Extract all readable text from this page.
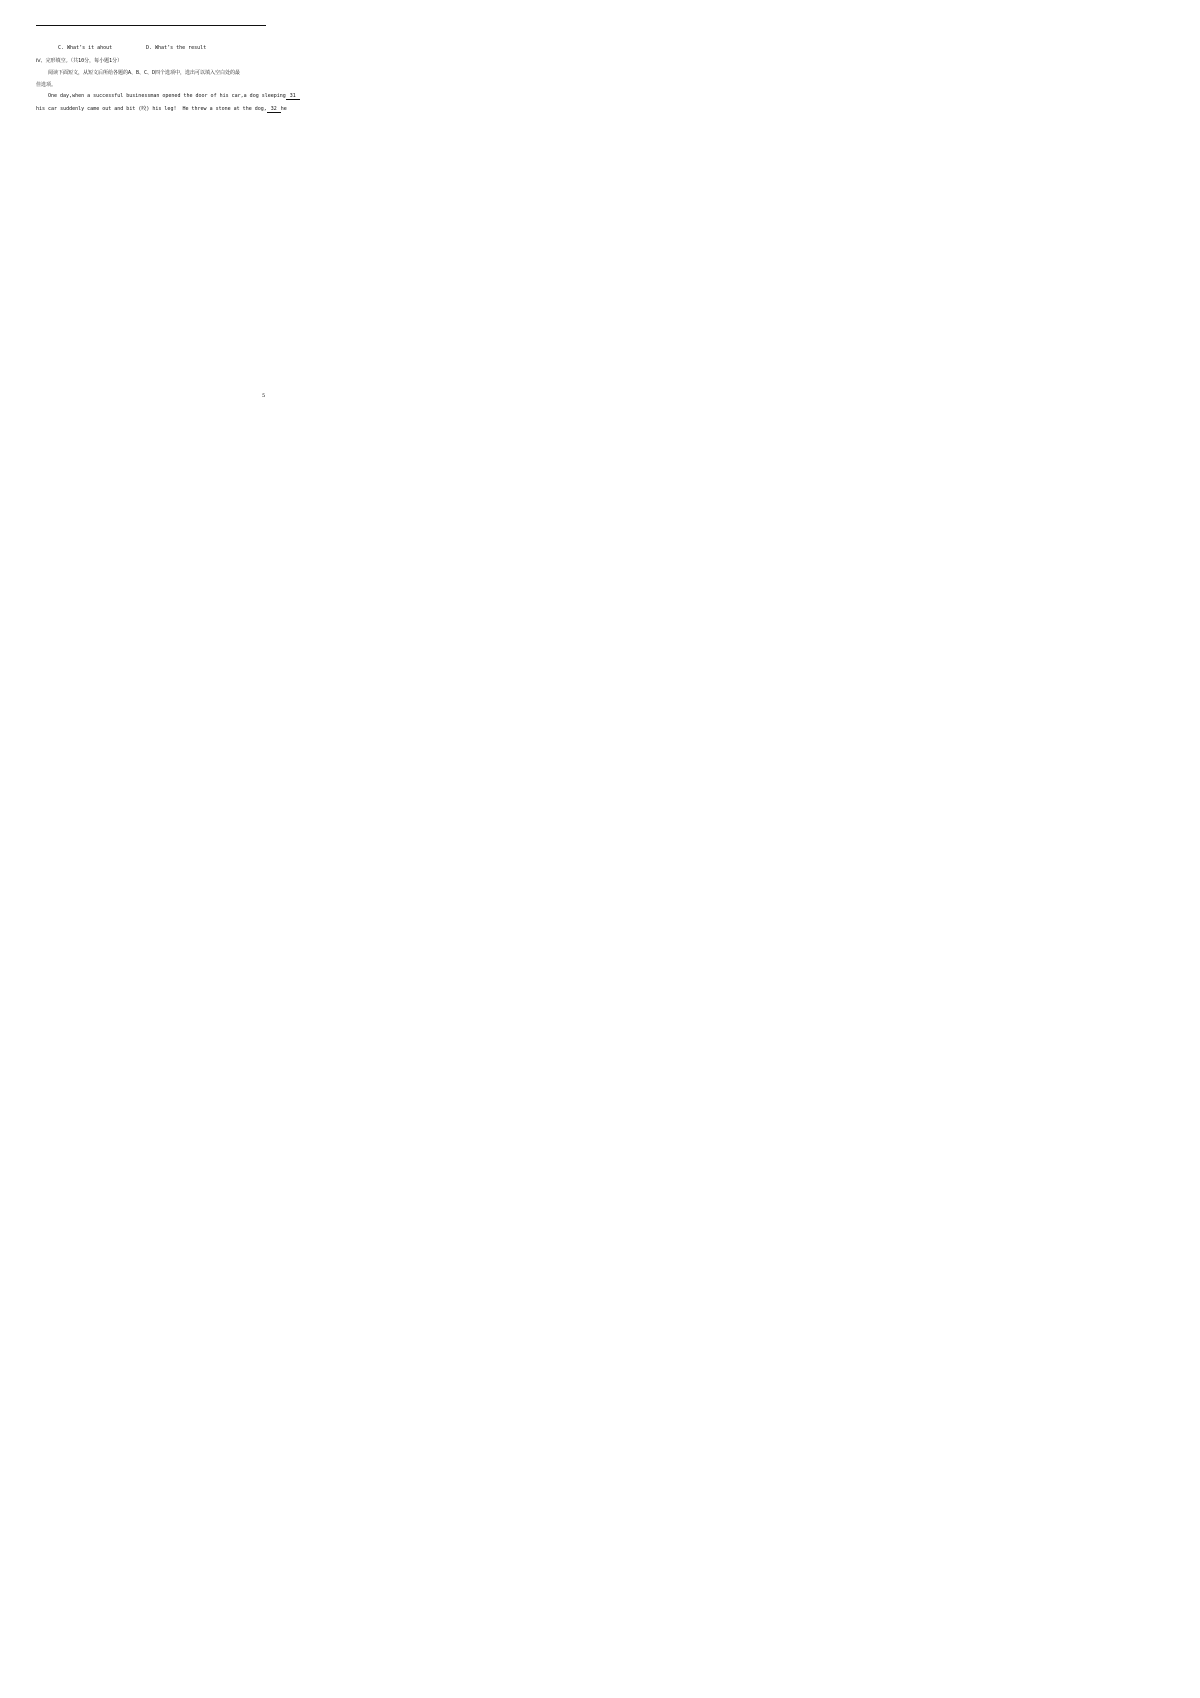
C. What’s it ahout	D. What’s the result
Ⅳ、完形填空。（共10分，每小题1分）
阅读下面短文，从短文后所给各题的A、B、C、D四个选项中，选出可以填入空白处的最
佳选项。
One day,when a successful businessman opened the door of his car,a dog sleeping 31
his car suddenly came out and bit (咬) his leg!  He threw a stone at the dog, 32 he
5
